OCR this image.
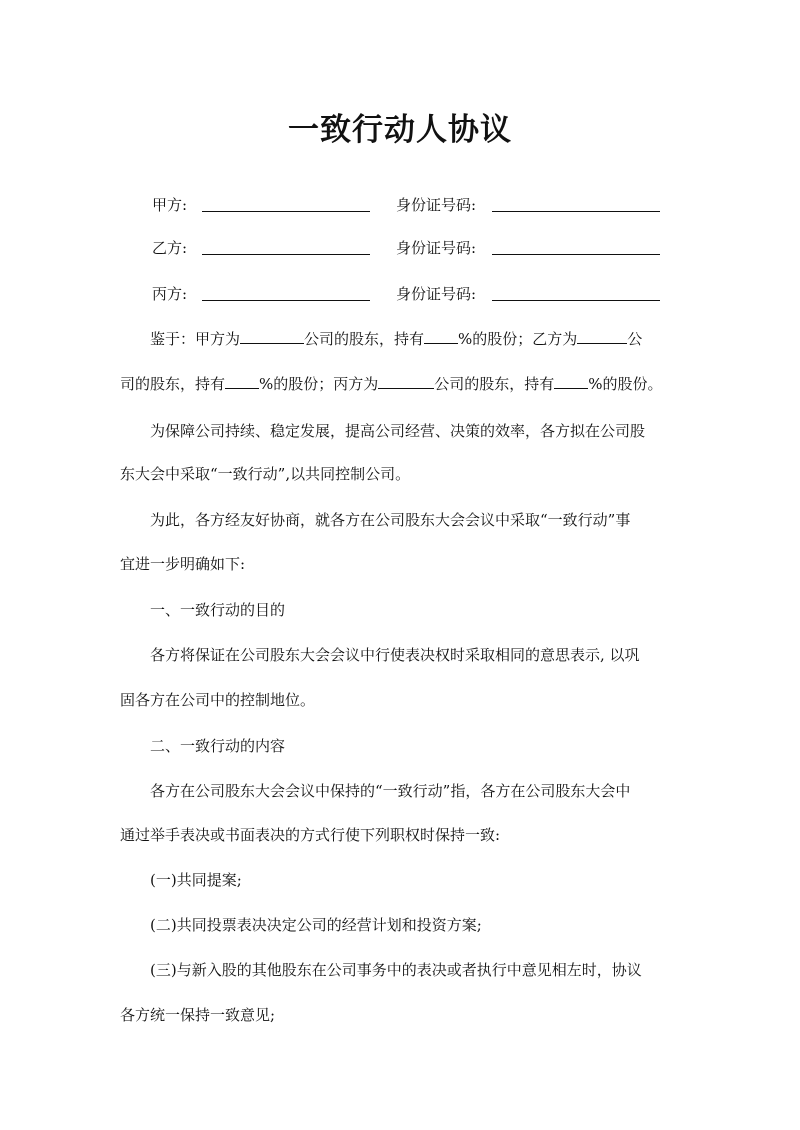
一致行动人协议
甲方:	身份证号码:
乙方:	身份证号码:
丙方:	身份证号码:
鉴于：甲方为	公司的股东，持有 %的股份；乙方为	公
司的股东，持有 %的股份；丙方为	公司的股东，持有 %的股份。
为保障公司持续、稳定发展，提高公司经营、决策的效率，各方拟在公司股
东大会中采取“一致行动”,以共同控制公司。
为此，各方经友好协商，就各方在公司股东大会会议中采取“一致行动”事
宜进一步明确如下:
一、一致行动的目的
各方将保证在公司股东大会会议中行使表决权时采取相同的意思表示, 以巩
固各方在公司中的控制地位。
二、一致行动的内容
各方在公司股东大会会议中保持的“一致行动”指，各方在公司股东大会中
通过举手表决或书面表决的方式行使下列职权时保持一致:
(一)共同提案;
(二)共同投票表决决定公司的经营计划和投资方案;
(三)与新入股的其他股东在公司事务中的表决或者执行中意见相左时，协议
各方统一保持一致意见;
